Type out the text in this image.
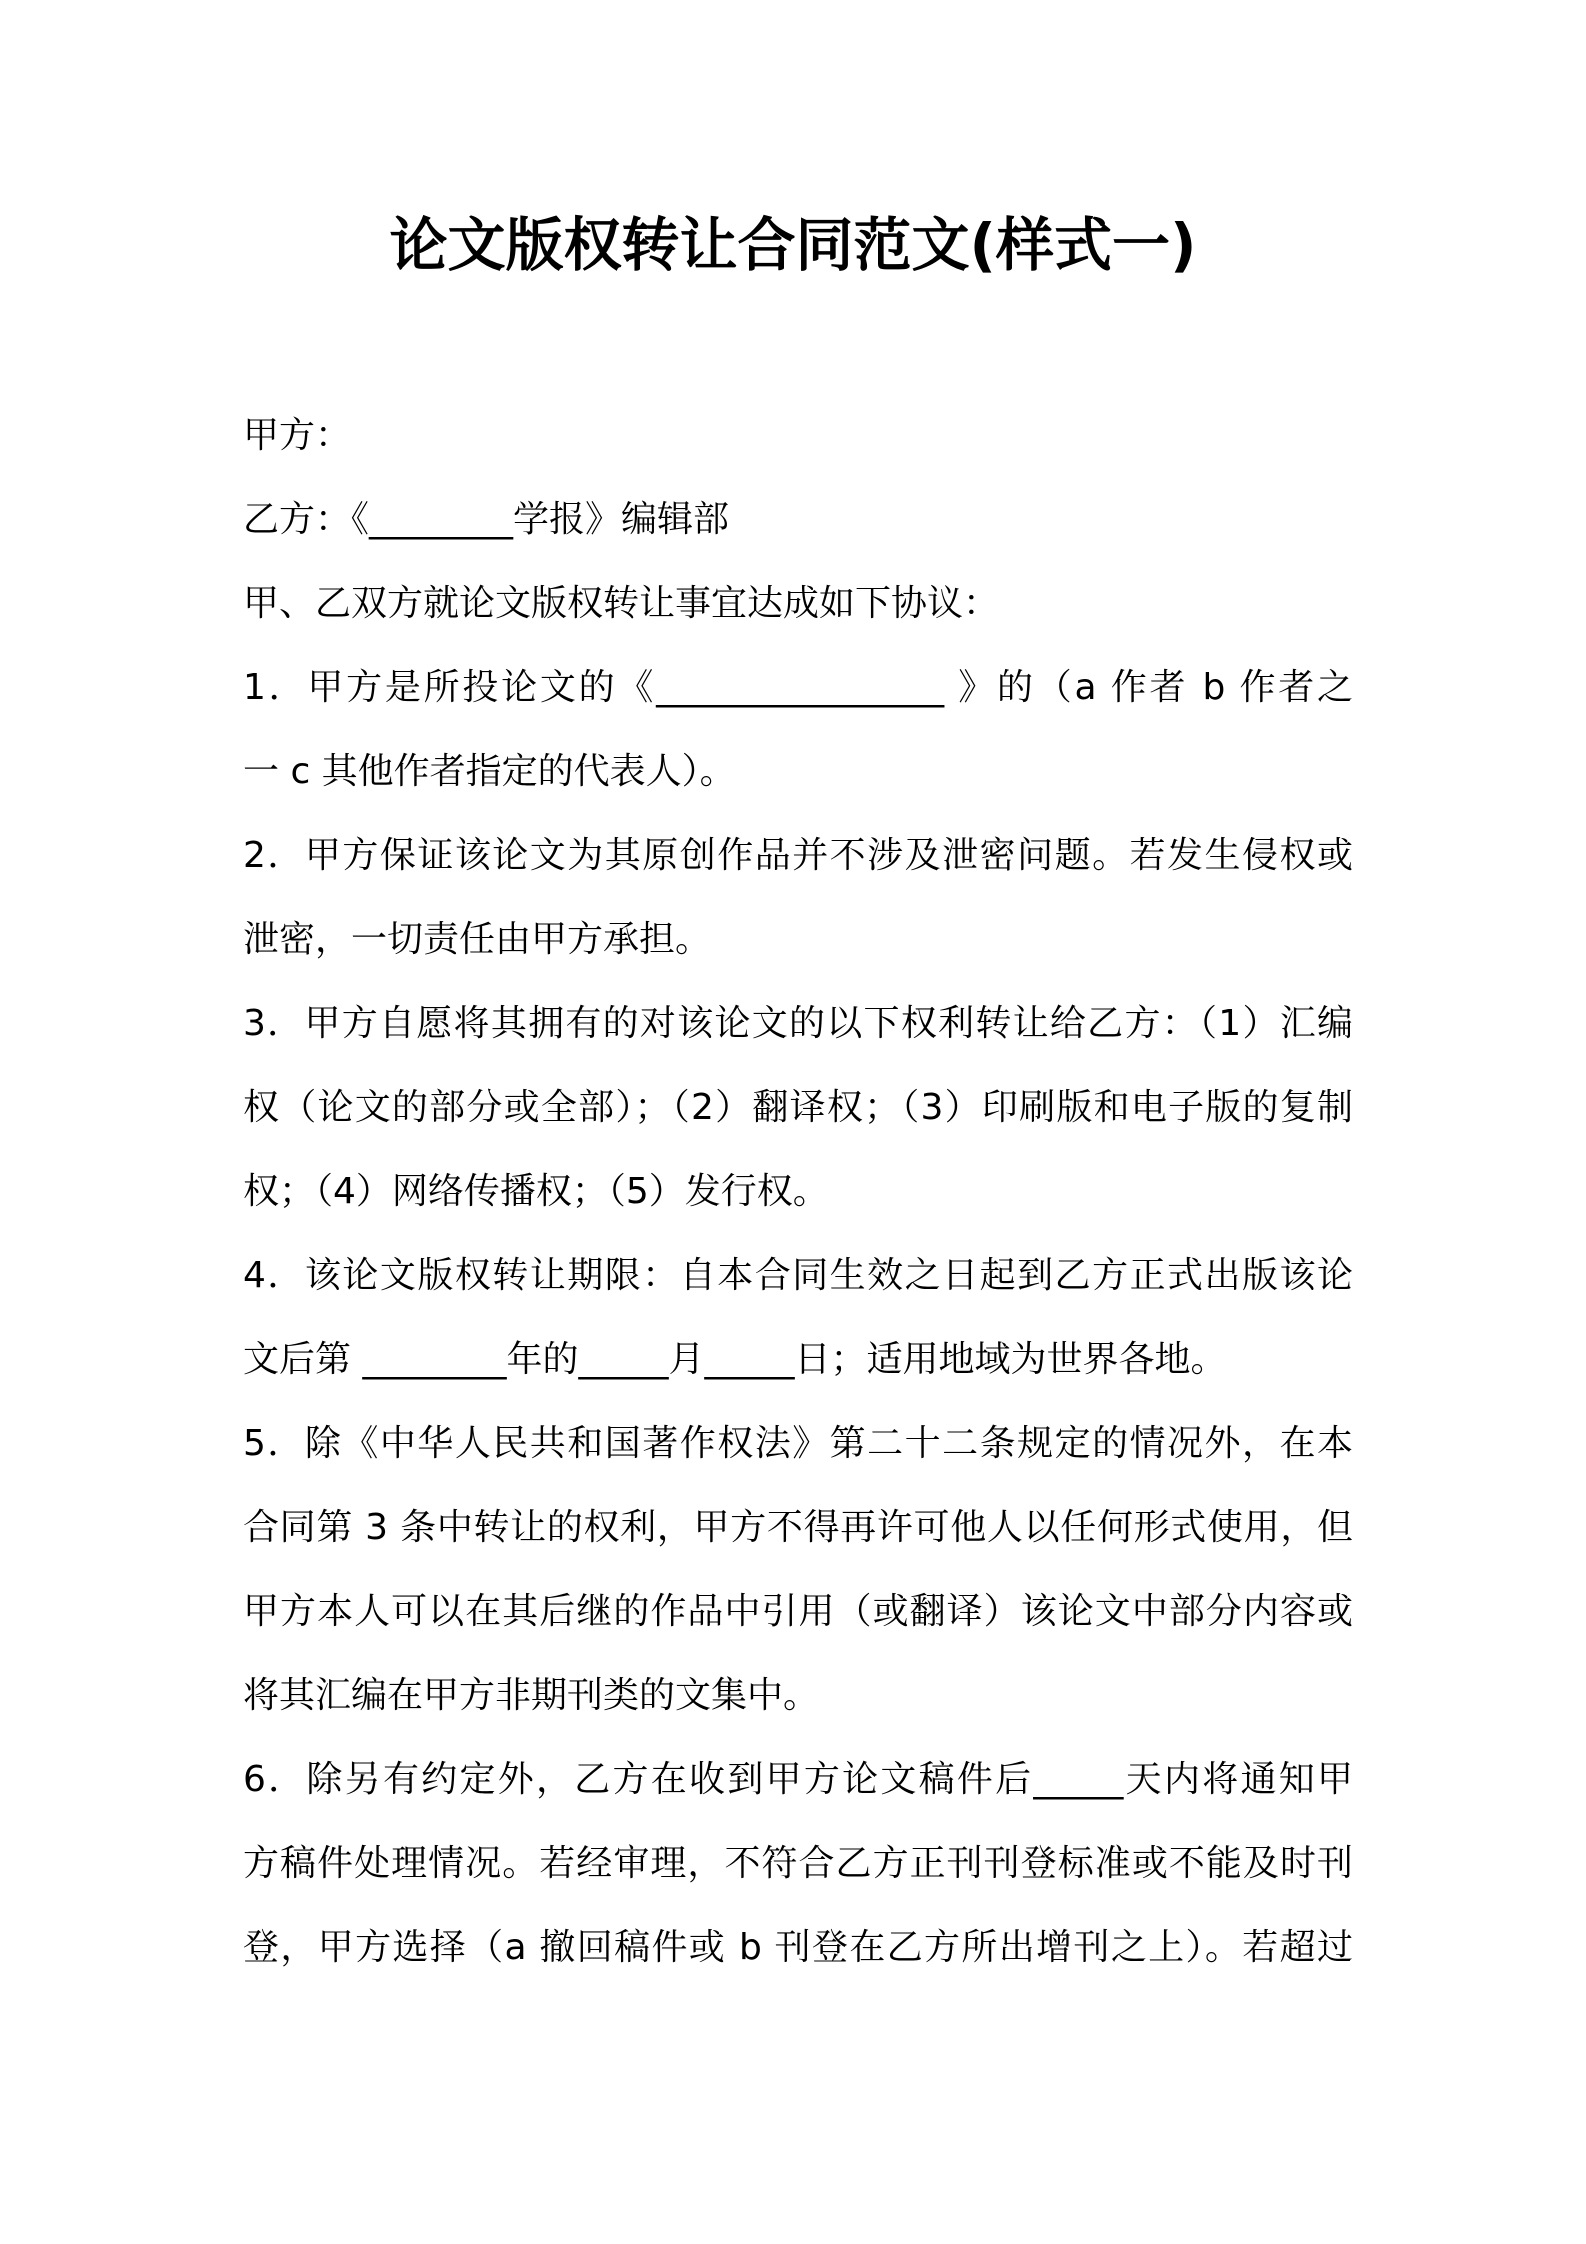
论文版权转让合同范文(样式一)
甲方：
乙方：《________学报》编辑部
甲、乙双方就论文版权转让事宜达成如下协议：
1．甲方是所投论文的《________________ 》的（a 作者 b 作者之
一 c 其他作者指定的代表人）。
2．甲方保证该论文为其原创作品并不涉及泄密问题。若发生侵权或
泄密，一切责任由甲方承担。
3．甲方自愿将其拥有的对该论文的以下权利转让给乙方：（1）汇编
权（论文的部分或全部）；（2）翻译权；（3）印刷版和电子版的复制
权；（4）网络传播权；（5）发行权。
4．该论文版权转让期限：自本合同生效之日起到乙方正式出版该论
文后第 ________年的_____月_____日；适用地域为世界各地。
5．除《中华人民共和国著作权法》第二十二条规定的情况外，在本
合同第 3 条中转让的权利，甲方不得再许可他人以任何形式使用，但
甲方本人可以在其后继的作品中引用（或翻译）该论文中部分内容或
将其汇编在甲方非期刊类的文集中。
6．除另有约定外，乙方在收到甲方论文稿件后_____天内将通知甲
方稿件处理情况。若经审理，不符合乙方正刊刊登标准或不能及时刊
登，甲方选择（a 撤回稿件或 b 刊登在乙方所出增刊之上）。若超过
